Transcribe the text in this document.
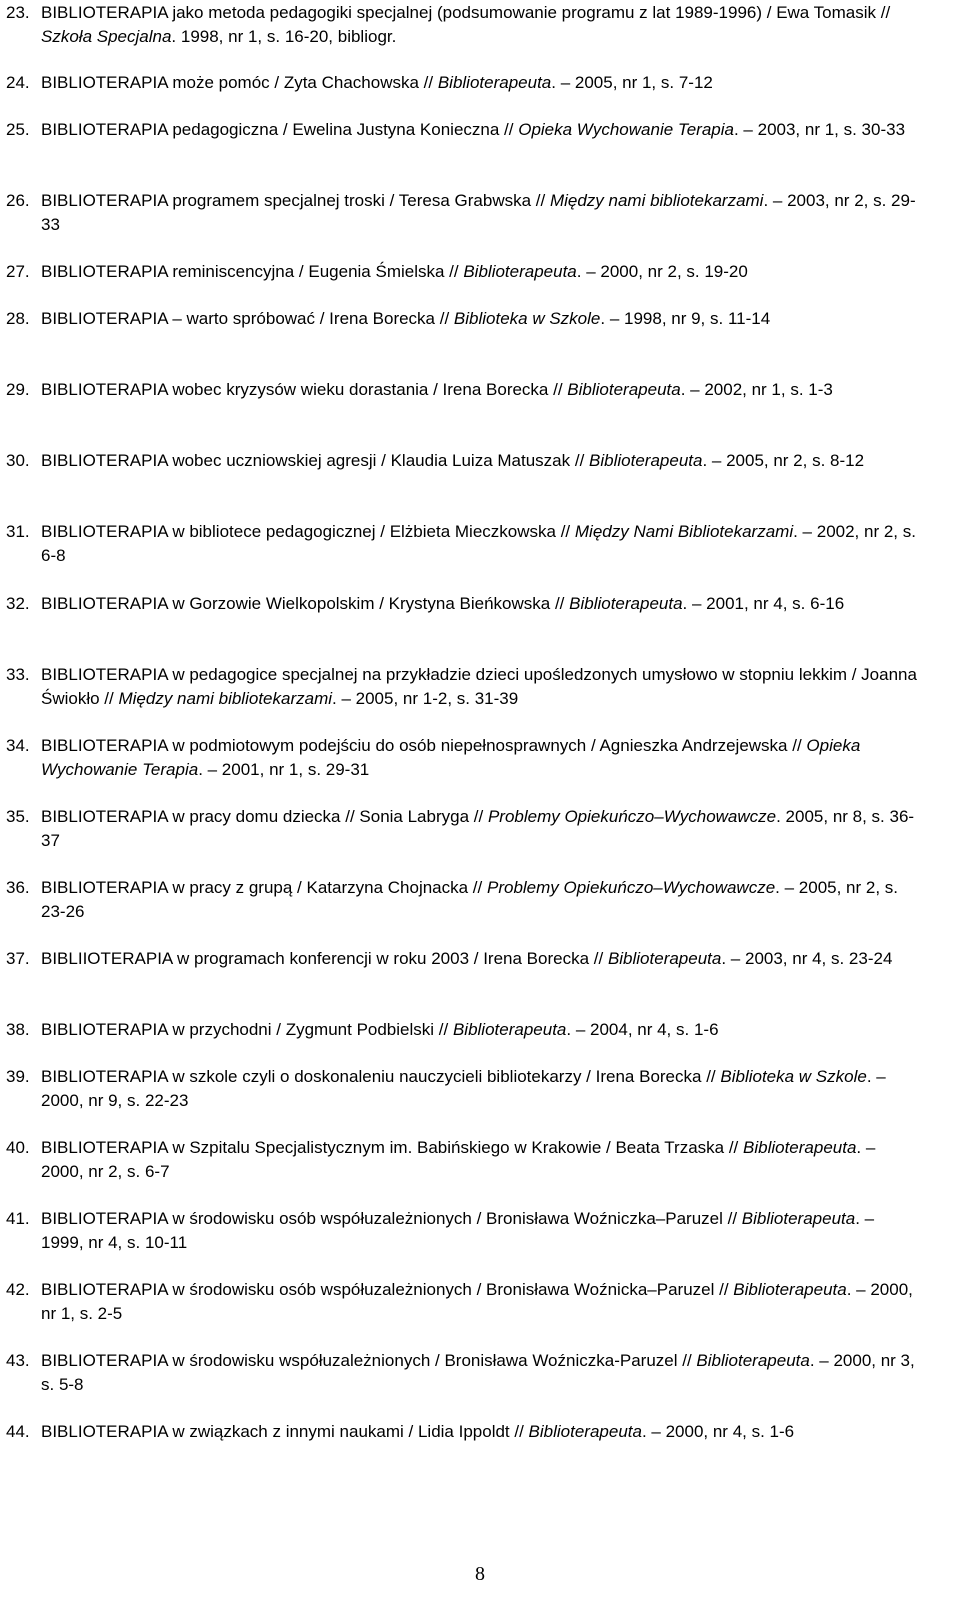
23. BIBLIOTERAPIA jako metoda pedagogiki specjalnej (podsumowanie programu z lat 1989-1996) / Ewa Tomasik // Szkoła Specjalna. 1998, nr 1, s. 16-20, bibliogr.
24. BIBLIOTERAPIA może pomóc / Zyta Chachowska // Biblioterapeuta. – 2005, nr 1, s. 7-12
25. BIBLIOTERAPIA pedagogiczna / Ewelina Justyna Konieczna // Opieka Wychowanie Terapia. – 2003, nr 1, s. 30-33
26. BIBLIOTERAPIA programem specjalnej troski / Teresa Grabwska // Między nami bibliotekarzami. – 2003, nr 2, s. 29-33
27. BIBLIOTERAPIA reminiscencyjna / Eugenia Śmielska // Biblioterapeuta. – 2000, nr 2, s. 19-20
28. BIBLIOTERAPIA – warto spróbować / Irena Borecka // Biblioteka w Szkole. – 1998, nr 9, s. 11-14
29. BIBLIOTERAPIA wobec kryzysów wieku dorastania / Irena Borecka // Biblioterapeuta. – 2002, nr 1, s. 1-3
30. BIBLIOTERAPIA wobec uczniowskiej agresji / Klaudia Luiza Matuszak // Biblioterapeuta. – 2005, nr 2, s. 8-12
31. BIBLIOTERAPIA w bibliotece pedagogicznej / Elżbieta Mieczkowska // Między Nami Bibliotekarzami. – 2002, nr 2, s. 6-8
32. BIBLIOTERAPIA w Gorzowie Wielkopolskim / Krystyna Bieńkowska // Biblioterapeuta. – 2001, nr 4, s. 6-16
33. BIBLIOTERAPIA w pedagogice specjalnej na przykładzie dzieci upośledzonych umysłowo w stopniu lekkim / Joanna Świokło // Między nami bibliotekarzami. – 2005, nr 1-2, s. 31-39
34. BIBLIOTERAPIA w podmiotowym podejściu do osób niepełnosprawnych / Agnieszka Andrzejewska // Opieka Wychowanie Terapia. – 2001, nr 1, s. 29-31
35. BIBLIOTERAPIA w pracy domu dziecka // Sonia Labryga // Problemy Opiekuńczo–Wychowawcze. 2005, nr 8, s. 36-37
36. BIBLIOTERAPIA w pracy z grupą / Katarzyna Chojnacka // Problemy Opiekuńczo–Wychowawcze. – 2005, nr 2, s. 23-26
37. BIBLIIOTERAPIA w programach konferencji w roku 2003 / Irena Borecka // Biblioterapeuta. – 2003, nr 4, s. 23-24
38. BIBLIOTERAPIA w przychodni / Zygmunt Podbielski // Biblioterapeuta. – 2004, nr 4, s. 1-6
39. BIBLIOTERAPIA w szkole czyli o doskonaleniu nauczycieli bibliotekarzy / Irena Borecka // Biblioteka w Szkole. – 2000, nr 9, s. 22-23
40. BIBLIOTERAPIA w Szpitalu Specjalistycznym im. Babińskiego w Krakowie / Beata Trzaska // Biblioterapeuta. – 2000, nr 2, s. 6-7
41. BIBLIOTERAPIA w środowisku osób współuzależnionych / Bronisława Woźniczka–Paruzel // Biblioterapeuta. – 1999, nr 4, s. 10-11
42. BIBLIOTERAPIA w środowisku osób współuzależnionych / Bronisława Woźnicka–Paruzel // Biblioterapeuta. – 2000, nr 1, s. 2-5
43. BIBLIOTERAPIA w środowisku współuzależnionych / Bronisława Woźniczka-Paruzel // Biblioterapeuta. – 2000, nr 3, s. 5-8
44. BIBLIOTERAPIA w związkach z innymi naukami / Lidia Ippoldt // Biblioterapeuta. – 2000, nr 4, s. 1-6
8
